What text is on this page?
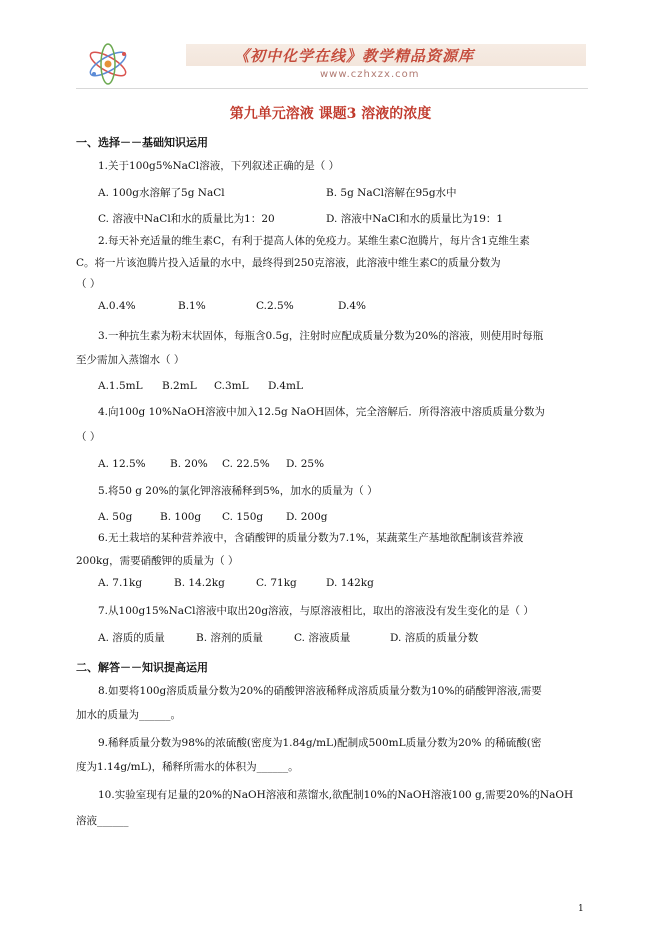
《初中化学在线》教学精品资源库
www.czhxzx.com
第九单元溶液 课题3 溶液的浓度
一、选择－－基础知识运用
1.关于100g5%NaCl溶液，下列叙述正确的是（ ）
A. 100g水溶解了5g NaCl	B. 5g NaCl溶解在95g水中
C. 溶液中NaCl和水的质量比为1：20	D. 溶液中NaCl和水的质量比为19：1
2.每天补充适量的维生素C，有利于提高人体的免疫力。某维生素C泡腾片，每片含1克维生素
C。将一片该泡腾片投入适量的水中，最终得到250克溶液，此溶液中维生素C的质量分数为
（ ）
A.0.4%	B.1%	C.2.5%	D.4%
3.一种抗生素为粉末状固体，每瓶含0.5g，注射时应配成质量分数为20%的溶液，则使用时每瓶
至少需加入蒸馏水（ ）
A.1.5mL B.2mL C.3mL D.4mL
4.向100g 10%NaOH溶液中加入12.5g NaOH固体，完全溶解后．所得溶液中溶质质量分数为
（ ）
A. 12.5% B. 20% C. 22.5% D. 25%
5.将50 g 20%的氯化钾溶液稀释到5%，加水的质量为（ ）
A. 50g	B. 100g C. 150g D. 200g
6.无土栽培的某种营养液中，含硝酸钾的质量分数为7.1%，某蔬菜生产基地欲配制该营养液
200kg，需要硝酸钾的质量为（ ）
A. 7.1kg	B. 14.2kg	C. 71kg	D. 142kg
7.从100g15%NaCl溶液中取出20g溶液，与原溶液相比，取出的溶液没有发生变化的是（ ）
A. 溶质的质量	B. 溶剂的质量	C. 溶液质量	D. 溶质的质量分数
二、解答－－知识提高运用
8.如要将100g溶质质量分数为20%的硝酸钾溶液稀释成溶质质量分数为10%的硝酸钾溶液,需要
加水的质量为______。
9.稀释质量分数为98%的浓硫酸(密度为1.84g/mL)配制成500mL质量分数为20% 的稀硫酸(密
度为1.14g/mL)，稀释所需水的体积为______。
10.实验室现有足量的20%的NaOH溶液和蒸馏水,欲配制10%的NaOH溶液100 g,需要20%的NaOH
溶液______
1
